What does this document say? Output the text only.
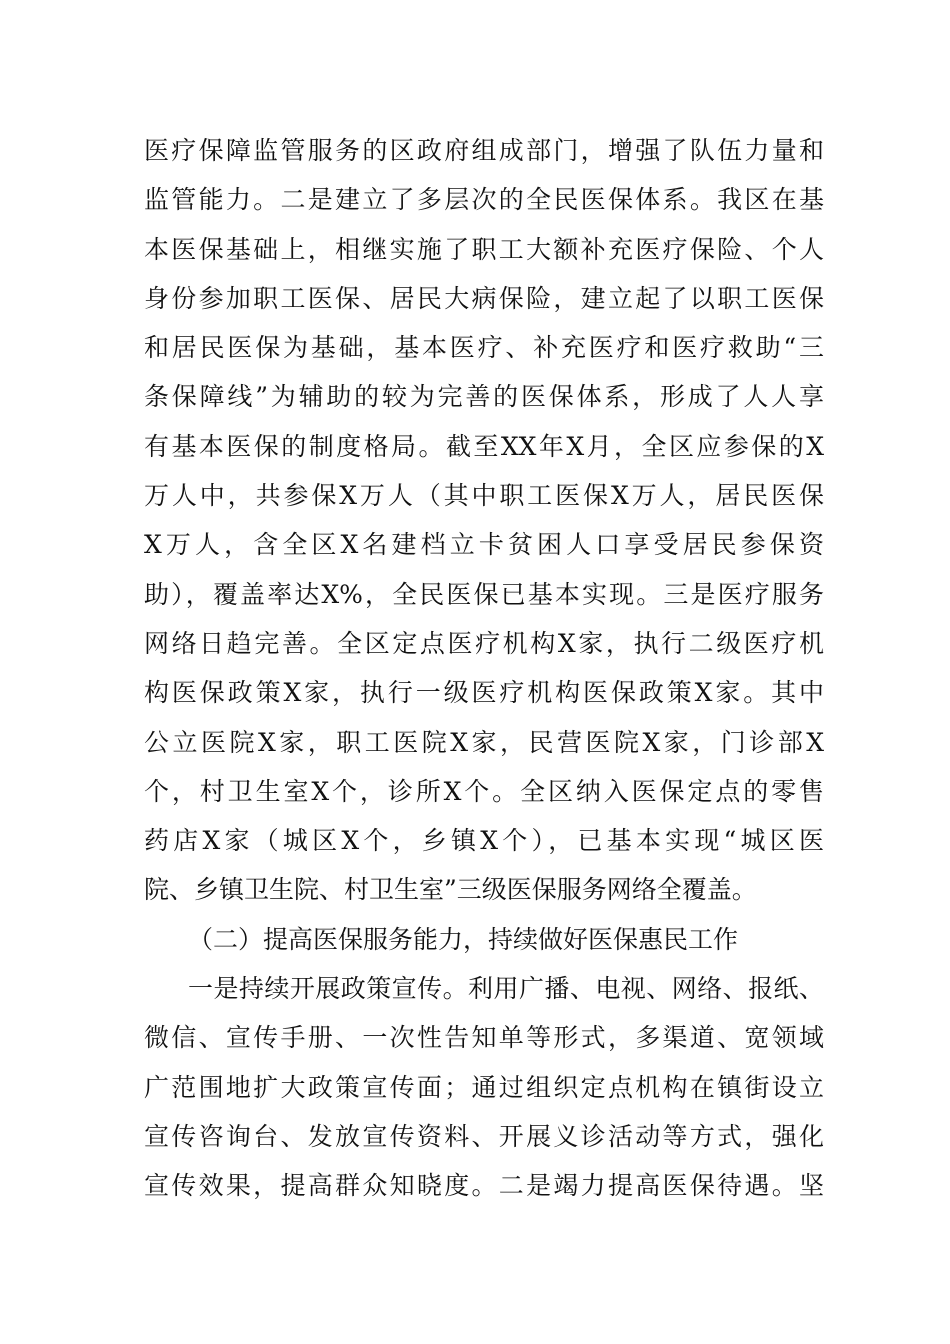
医疗保障监管服务的区政府组成部门，增强了队伍力量和
监管能力。二是建立了多层次的全民医保体系。我区在基
本医保基础上，相继实施了职工大额补充医疗保险、个人
身份参加职工医保、居民大病保险，建立起了以职工医保
和居民医保为基础，基本医疗、补充医疗和医疗救助“三
条保障线”为辅助的较为完善的医保体系，形成了人人享
有基本医保的制度格局。截至XX年X月，全区应参保的X
万人中，共参保X万人（其中职工医保X万人，居民医保
X万人，含全区X名建档立卡贫困人口享受居民参保资
助），覆盖率达X%，全民医保已基本实现。三是医疗服务
网络日趋完善。全区定点医疗机构X家，执行二级医疗机
构医保政策X家，执行一级医疗机构医保政策X家。其中
公立医院X家，职工医院X家，民营医院X家，门诊部X
个，村卫生室X个，诊所X个。全区纳入医保定点的零售
药店X家（城区X个，乡镇X个），已基本实现“城区医
院、乡镇卫生院、村卫生室”三级医保服务网络全覆盖。
（二）提高医保服务能力，持续做好医保惠民工作
一是持续开展政策宣传。利用广播、电视、网络、报纸、
微信、宣传手册、一次性告知单等形式，多渠道、宽领域
广范围地扩大政策宣传面；通过组织定点机构在镇街设立
宣传咨询台、发放宣传资料、开展义诊活动等方式，强化
宣传效果，提高群众知晓度。二是竭力提高医保待遇。坚
